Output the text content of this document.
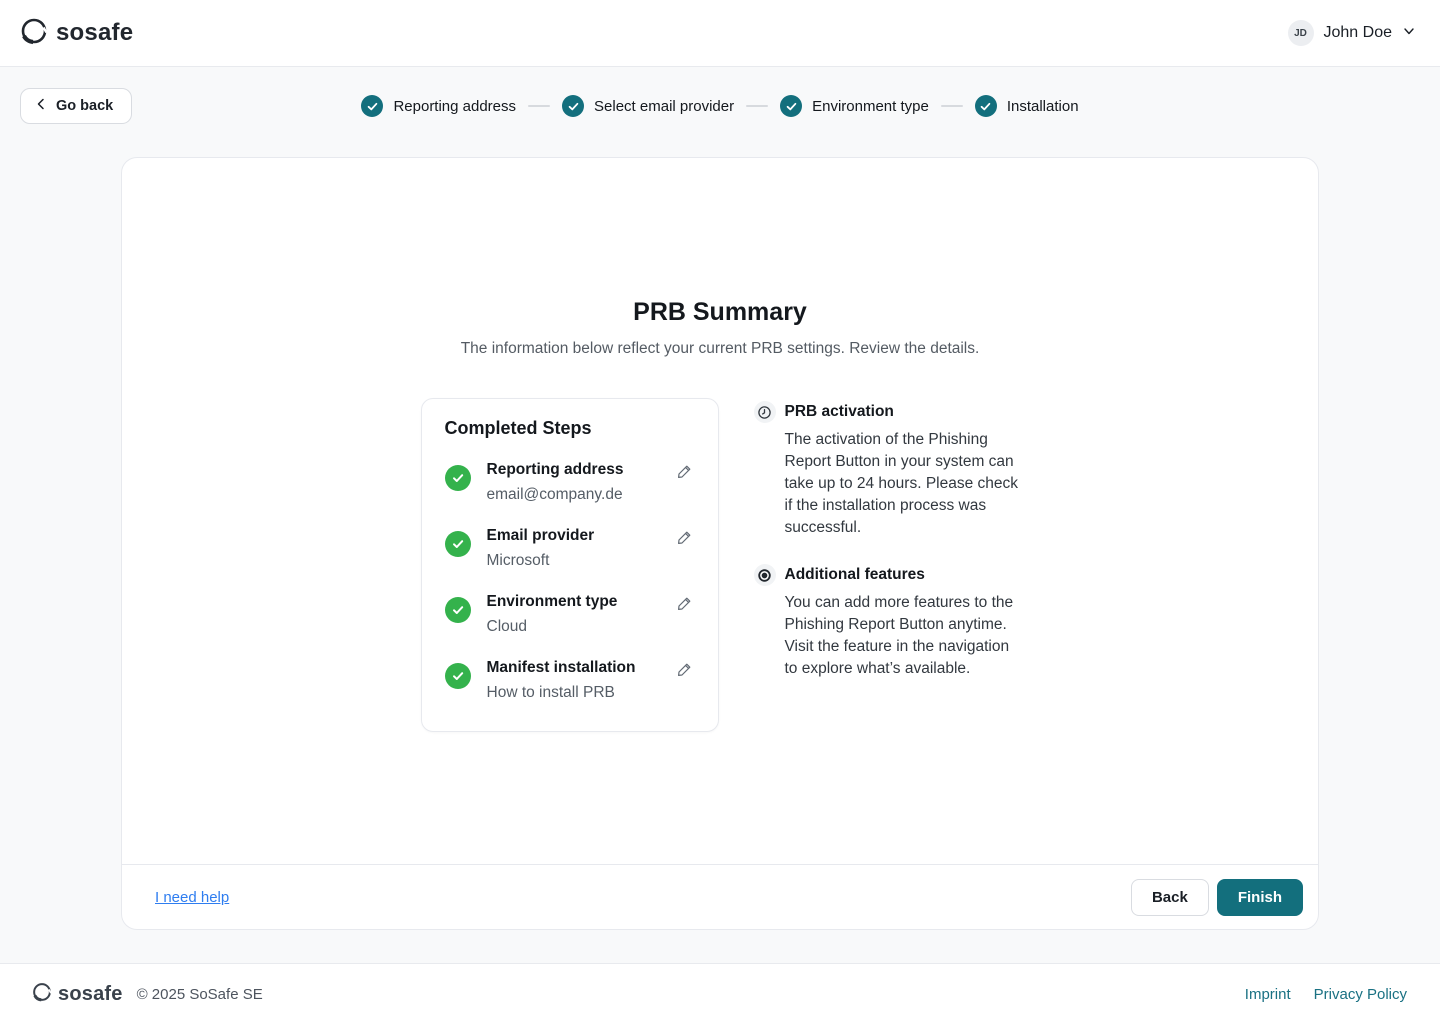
sosafe	JD	John Doe
Go back	Reporting address	Select email provider	Environment type	Installation
PRB Summary
The information below reflect your current PRB settings. Review the details.
Completed Steps
Reporting address
email@company.de
Email provider
Microsoft
Environment type
Cloud
Manifest installation
How to install PRB
PRB activation
The activation of the Phishing Report Button in your system can take up to 24 hours. Please check if the installation process was successful.
Additional features
You can add more features to the Phishing Report Button anytime. Visit the feature in the navigation to explore what’s available.
I need help	Back	Finish
sosafe © 2025 SoSafe SE	Imprint Privacy Policy
